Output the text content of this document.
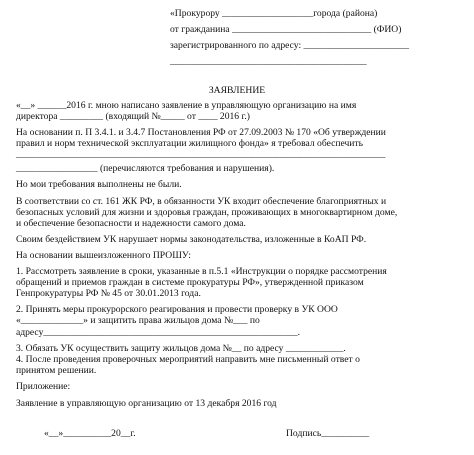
«Прокурору ___________________города (района)
от гражданина _____________________________ (ФИО)
зарегистрированного по адресу: ______________________
_________________________________________
ЗАЯВЛЕНИЕ
«__» ______2016 г. мною написано заявление в управляющую организацию на имя
директора _________ (входящий №_____ от ____ 2016 г.)
На основании п. П 3.4.1. и 3.4.7 Постановления РФ от 27.09.2003 № 170 «Об утверждении
правил и норм технической эксплуатации жилищного фонда» я требовал обеспечить
_____________________________________________________________________________
_________________ (перечисляются требования и нарушения).
Но мои требования выполнены не были.
В соответствии со ст. 161 ЖК РФ, в обязанности УК входит обеспечение благоприятных и
безопасных условий для жизни и здоровья граждан, проживающих в многоквартирном доме,
и обеспечение безопасности и надежности самого дома.
Своим бездействием УК нарушает нормы законодательства, изложенные в КоАП РФ.
На основании вышеизложенного ПРОШУ:
1. Рассмотреть заявление в сроки, указанные в п.5.1 «Инструкции о порядке рассмотрения
обращений и приемов граждан в системе прокуратуры РФ», утвержденной приказом
Генпрокуратуры РФ № 45 от 30.01.2013 года.
2. Принять меры прокурорского реагирования и провести проверку в УК ООО
«_____________» и защитить права жильцов дома №___ по
адресу_____________________________________________________.
3. Обязать УК осуществить защиту жильцов дома №__ по адресу ____________.
4. После проведения проверочных мероприятий направить мне письменный ответ о
принятом решении.
Приложение:
Заявление в управляющую организацию от 13 декабря 2016 год
«__»__________20__г.	Подпись__________
